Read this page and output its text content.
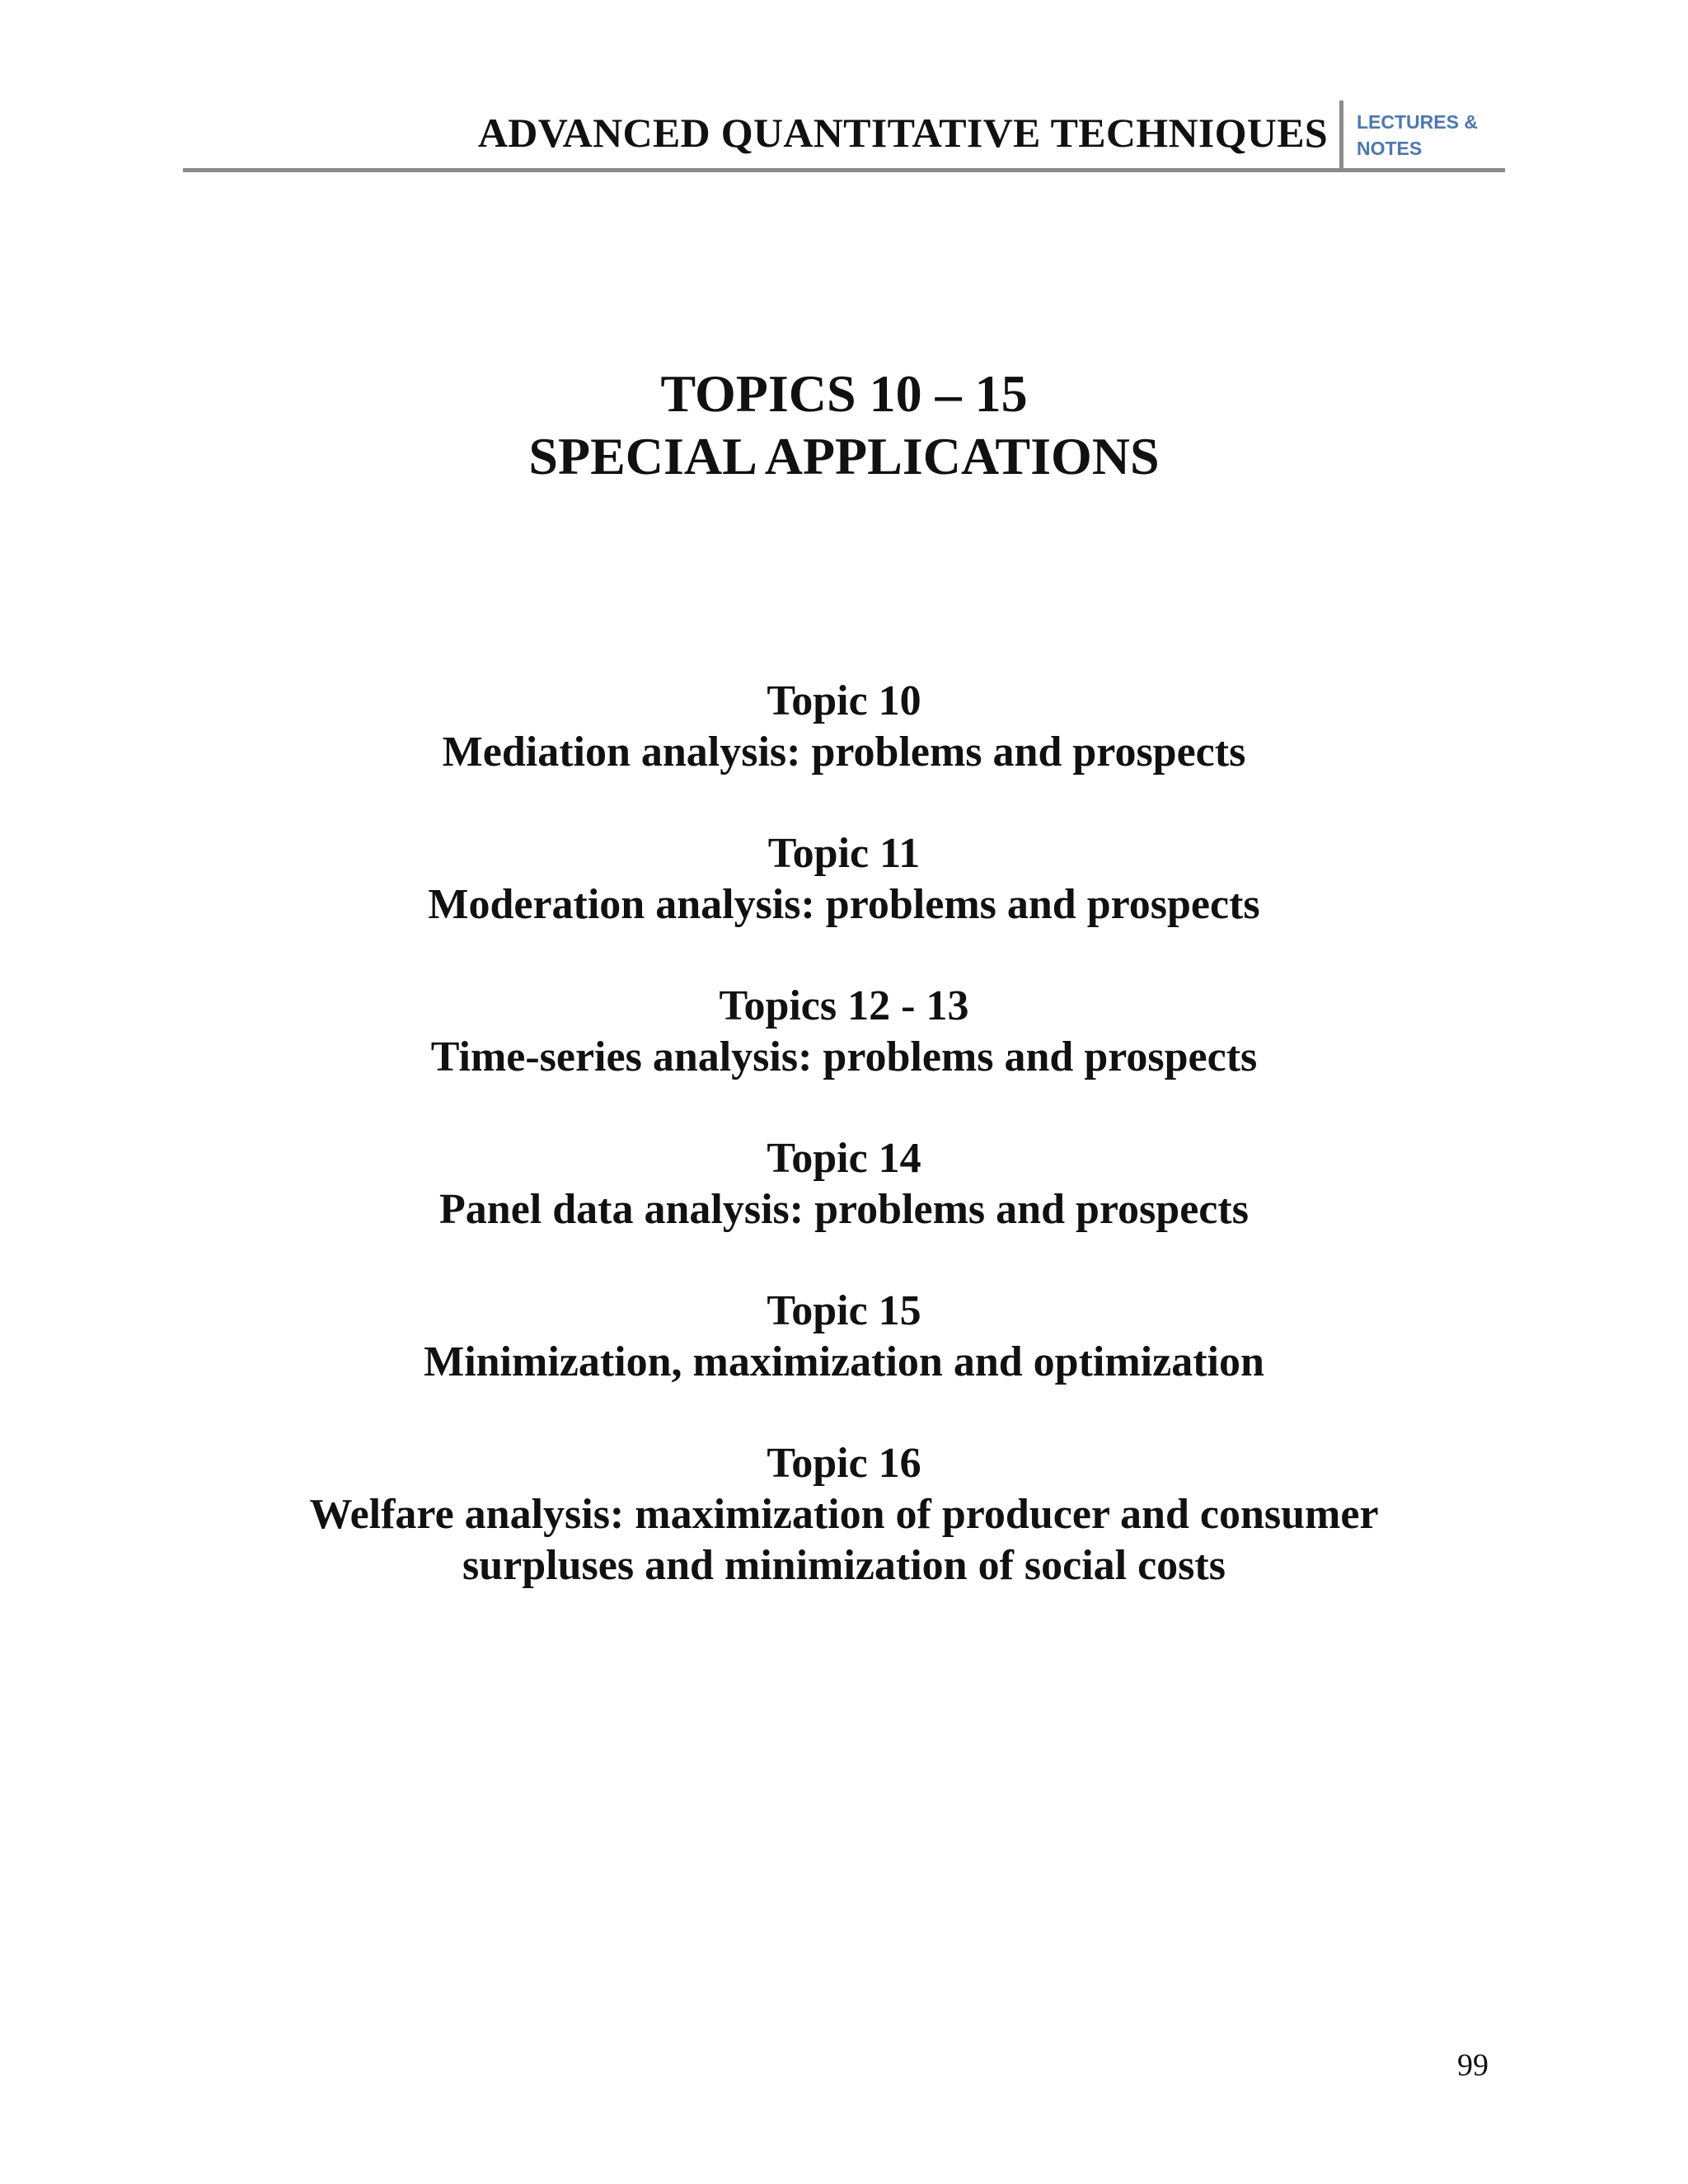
ADVANCED QUANTITATIVE TECHNIQUES LECTURES &
NOTES
TOPICS 10 – 15
SPECIAL APPLICATIONS
Topic 10
Mediation analysis: problems and prospects
Topic 11
Moderation analysis: problems and prospects
Topics 12 - 13
Time-series analysis: problems and prospects
Topic 14
Panel data analysis: problems and prospects
Topic 15
Minimization, maximization and optimization
Topic 16
Welfare analysis: maximization of producer and consumer
surpluses and minimization of social costs
99
